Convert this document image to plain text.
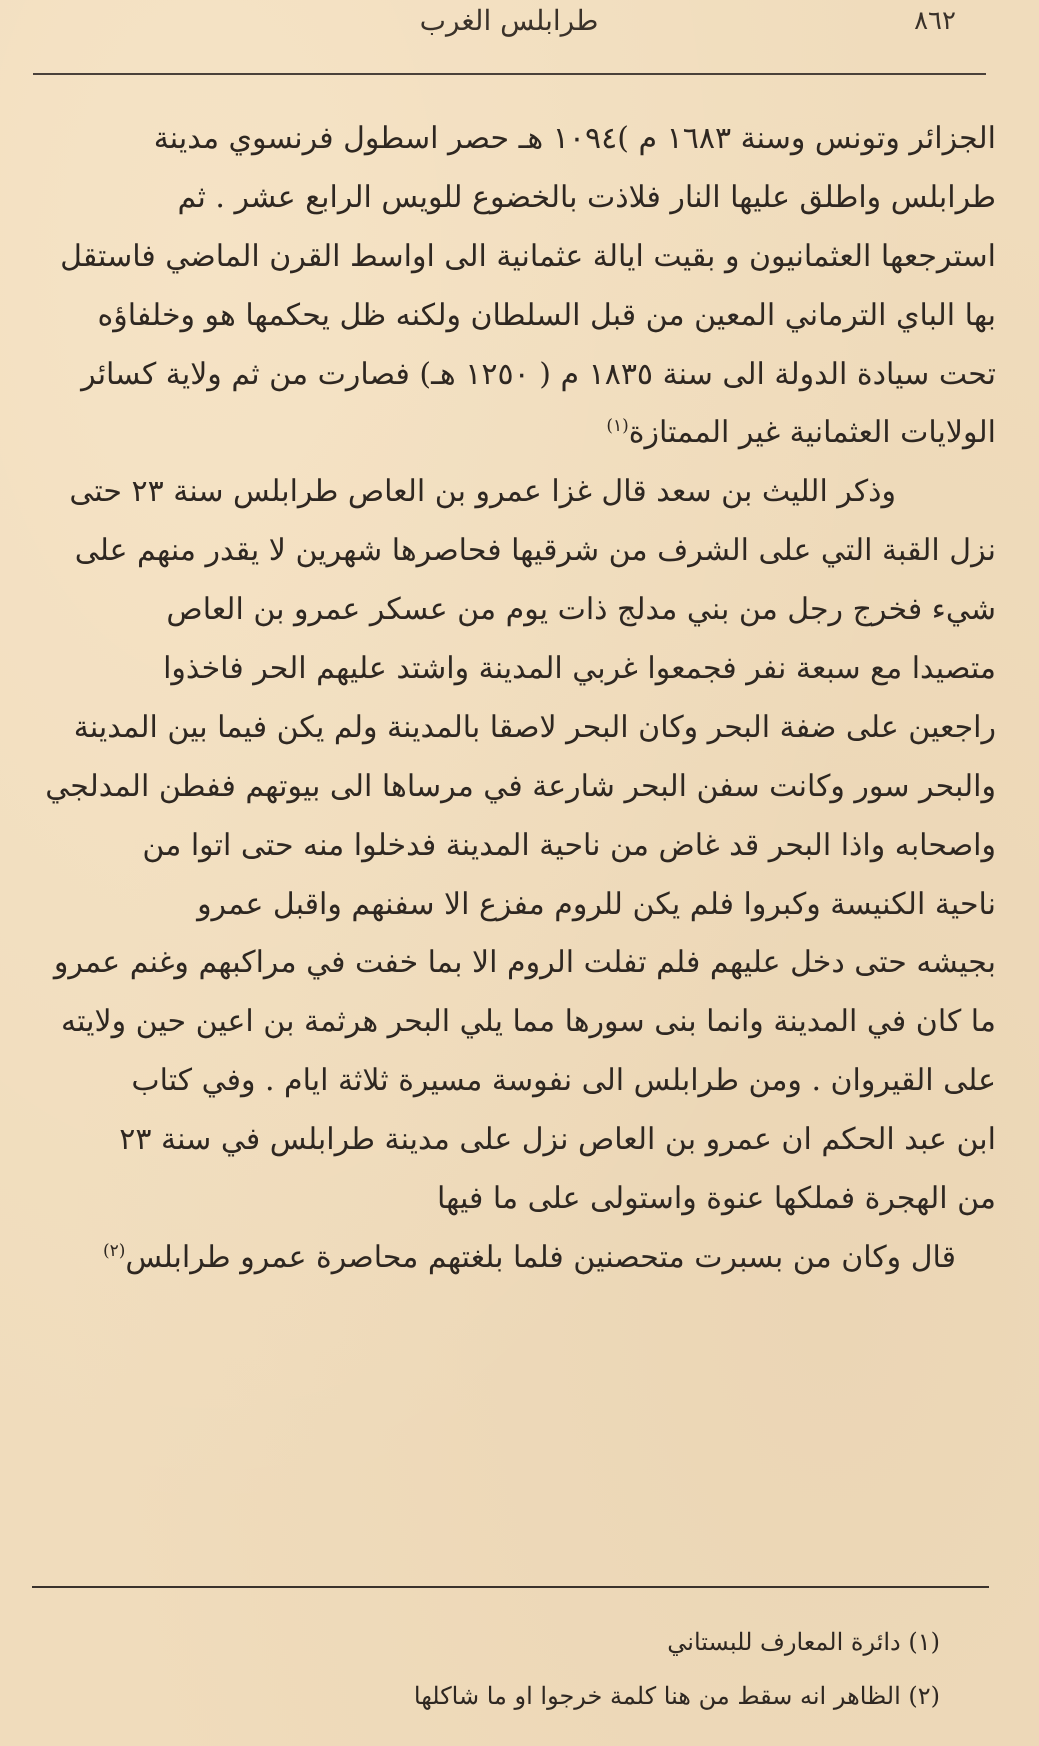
٨٦٢
طرابلس الغرب
الجزائر وتونس وسنة ١٦٨٣ م )١٠٩٤ هـ حصر اسطول فرنسوي مدينة
طرابلس واطلق عليها النار فلاذت بالخضوع للويس الرابع عشر . ثم
استرجعها العثمانيون و بقيت ايالة عثمانية الى اواسط القرن الماضي فاستقل
بها الباي الترماني المعين من قبل السلطان ولكنه ظل يحكمها هو وخلفاؤه
تحت سيادة الدولة الى سنة ١٨٣٥ م ( ١٢٥٠ هـ) فصارت من ثم ولاية كسائر
الولايات العثمانية غير الممتازة$^{(١)}$
وذكر الليث بن سعد قال غزا عمرو بن العاص طرابلس سنة ٢٣ حتى
نزل القبة التي على الشرف من شرقيها فحاصرها شهرين لا يقدر منهم على
شيء فخرج رجل من بني مدلج ذات يوم من عسكر عمرو بن العاص
متصيدا مع سبعة نفر فجمعوا غربي المدينة واشتد عليهم الحر فاخذوا
راجعين على ضفة البحر وكان البحر لاصقا بالمدينة ولم يكن فيما بين المدينة
والبحر سور وكانت سفن البحر شارعة في مرساها الى بيوتهم ففطن المدلجي
واصحابه واذا البحر قد غاض من ناحية المدينة فدخلوا منه حتى اتوا من
ناحية الكنيسة وكبروا فلم يكن للروم مفزع الا سفنهم واقبل عمرو
بجيشه حتى دخل عليهم فلم تفلت الروم الا بما خفت في مراكبهم وغنم عمرو
ما كان في المدينة وانما بنى سورها مما يلي البحر هرثمة بن اعين حين ولايته
على القيروان . ومن طرابلس الى نفوسة مسيرة ثلاثة ايام . وفي كتاب
ابن عبد الحكم ان عمرو بن العاص نزل على مدينة طرابلس في سنة ٢٣
من الهجرة فملكها عنوة واستولى على ما فيها
قال وكان من بسبرت متحصنين فلما بلغتهم محاصرة عمرو طرابلس$^{(٢)}$
(١) دائرة المعارف للبستاني
(٢) الظاهر انه سقط من هنا كلمة خرجوا او ما شاكلها
